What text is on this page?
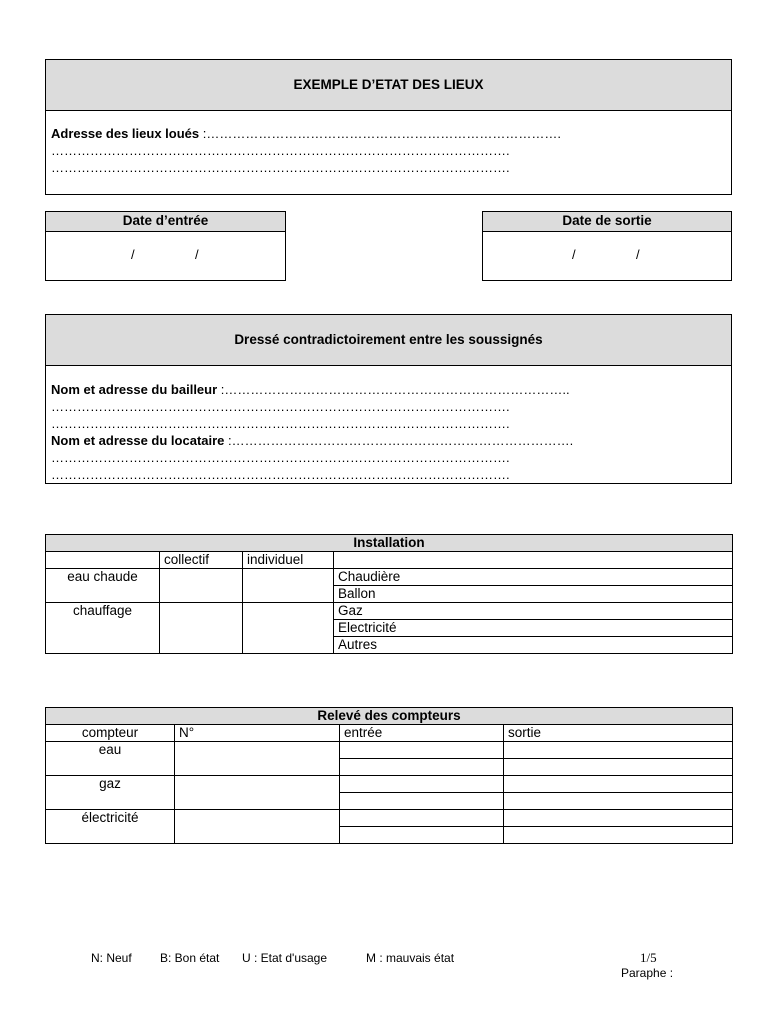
EXEMPLE D’ETAT DES LIEUX
Adresse des lieux loués :……………………………………………………………………….
…………………………………………………………………………………………….
…………………………………………………………………………………………….
Date d’entrée
/	/
Date de sortie
/	/
Dressé contradictoirement entre les soussignés
Nom et adresse du bailleur :……………………………………………………………………..
…………………………………………………………………………………………….
…………………………………………………………………………………………….
Nom et adresse du locataire :…………………………………………………………………….
…………………………………………………………………………………………….
…………………………………………………………………………………………….
Installation			
	collectif	individuel	
eau chaude			Chaudière
			Ballon
chauffage			Gaz
			Electricité
			Autres
Relevé des compteurs			
compteur	N°	entrée	sortie
eau			

gaz			

électricité			

N: Neuf B: Bon état U : Etat d'usage	M : mauvais état	1/5
Paraphe :
